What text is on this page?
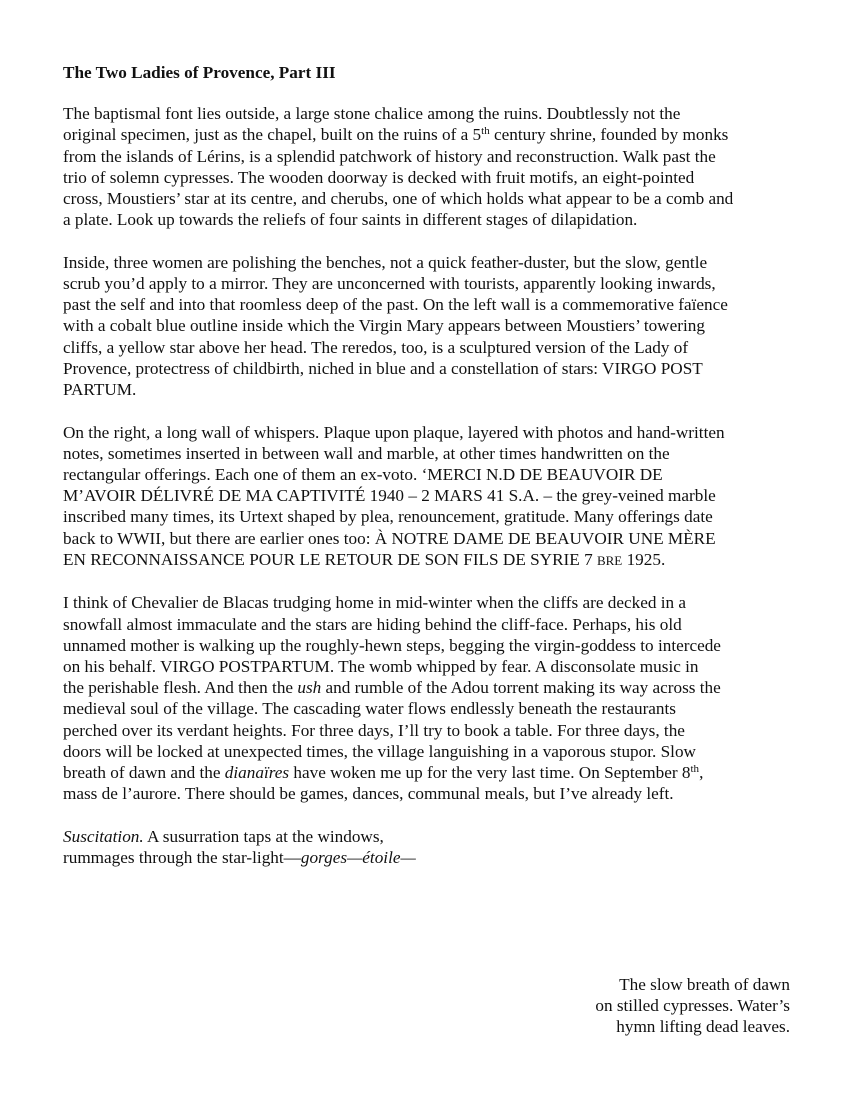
The Two Ladies of Provence, Part III
The baptismal font lies outside, a large stone chalice among the ruins. Doubtlessly not the
original specimen, just as the chapel, built on the ruins of a 5th century shrine, founded by monks
from the islands of Lérins, is a splendid patchwork of history and reconstruction. Walk past the
trio of solemn cypresses. The wooden doorway is decked with fruit motifs, an eight-pointed
cross, Moustiers’ star at its centre, and cherubs, one of which holds what appear to be a comb and
a plate. Look up towards the reliefs of four saints in different stages of dilapidation.
Inside, three women are polishing the benches, not a quick feather-duster, but the slow, gentle
scrub you’d apply to a mirror. They are unconcerned with tourists, apparently looking inwards,
past the self and into that roomless deep of the past. On the left wall is a commemorative faïence
with a cobalt blue outline inside which the Virgin Mary appears between Moustiers’ towering
cliffs, a yellow star above her head. The reredos, too, is a sculptured version of the Lady of
Provence, protectress of childbirth, niched in blue and a constellation of stars: VIRGO POST
PARTUM.
On the right, a long wall of whispers. Plaque upon plaque, layered with photos and hand-written
notes, sometimes inserted in between wall and marble, at other times handwritten on the
rectangular offerings. Each one of them an ex-voto. ‘MERCI N.D DE BEAUVOIR DE
M’AVOIR DÉLIVRÉ DE MA CAPTIVITÉ 1940 – 2 MARS 41 S.A. – the grey-veined marble
inscribed many times, its Urtext shaped by plea, renouncement, gratitude. Many offerings date
back to WWII, but there are earlier ones too: À NOTRE DAME DE BEAUVOIR UNE MÈRE
EN RECONNAISSANCE POUR LE RETOUR DE SON FILS DE SYRIE 7 BRE 1925.
I think of Chevalier de Blacas trudging home in mid-winter when the cliffs are decked in a
snowfall almost immaculate and the stars are hiding behind the cliff-face. Perhaps, his old
unnamed mother is walking up the roughly-hewn steps, begging the virgin-goddess to intercede
on his behalf. VIRGO POSTPARTUM. The womb whipped by fear. A disconsolate music in
the perishable flesh. And then the ush and rumble of the Adou torrent making its way across the
medieval soul of the village. The cascading water flows endlessly beneath the restaurants
perched over its verdant heights. For three days, I’ll try to book a table. For three days, the
doors will be locked at unexpected times, the village languishing in a vaporous stupor. Slow
breath of dawn and the dianaïres have woken me up for the very last time. On September 8th,
mass de l’aurore. There should be games, dances, communal meals, but I’ve already left.
Suscitation. A susurration taps at the windows,
rummages through the star-light—gorges—étoile—
The slow breath of dawn
on stilled cypresses. Water’s
hymn lifting dead leaves.
